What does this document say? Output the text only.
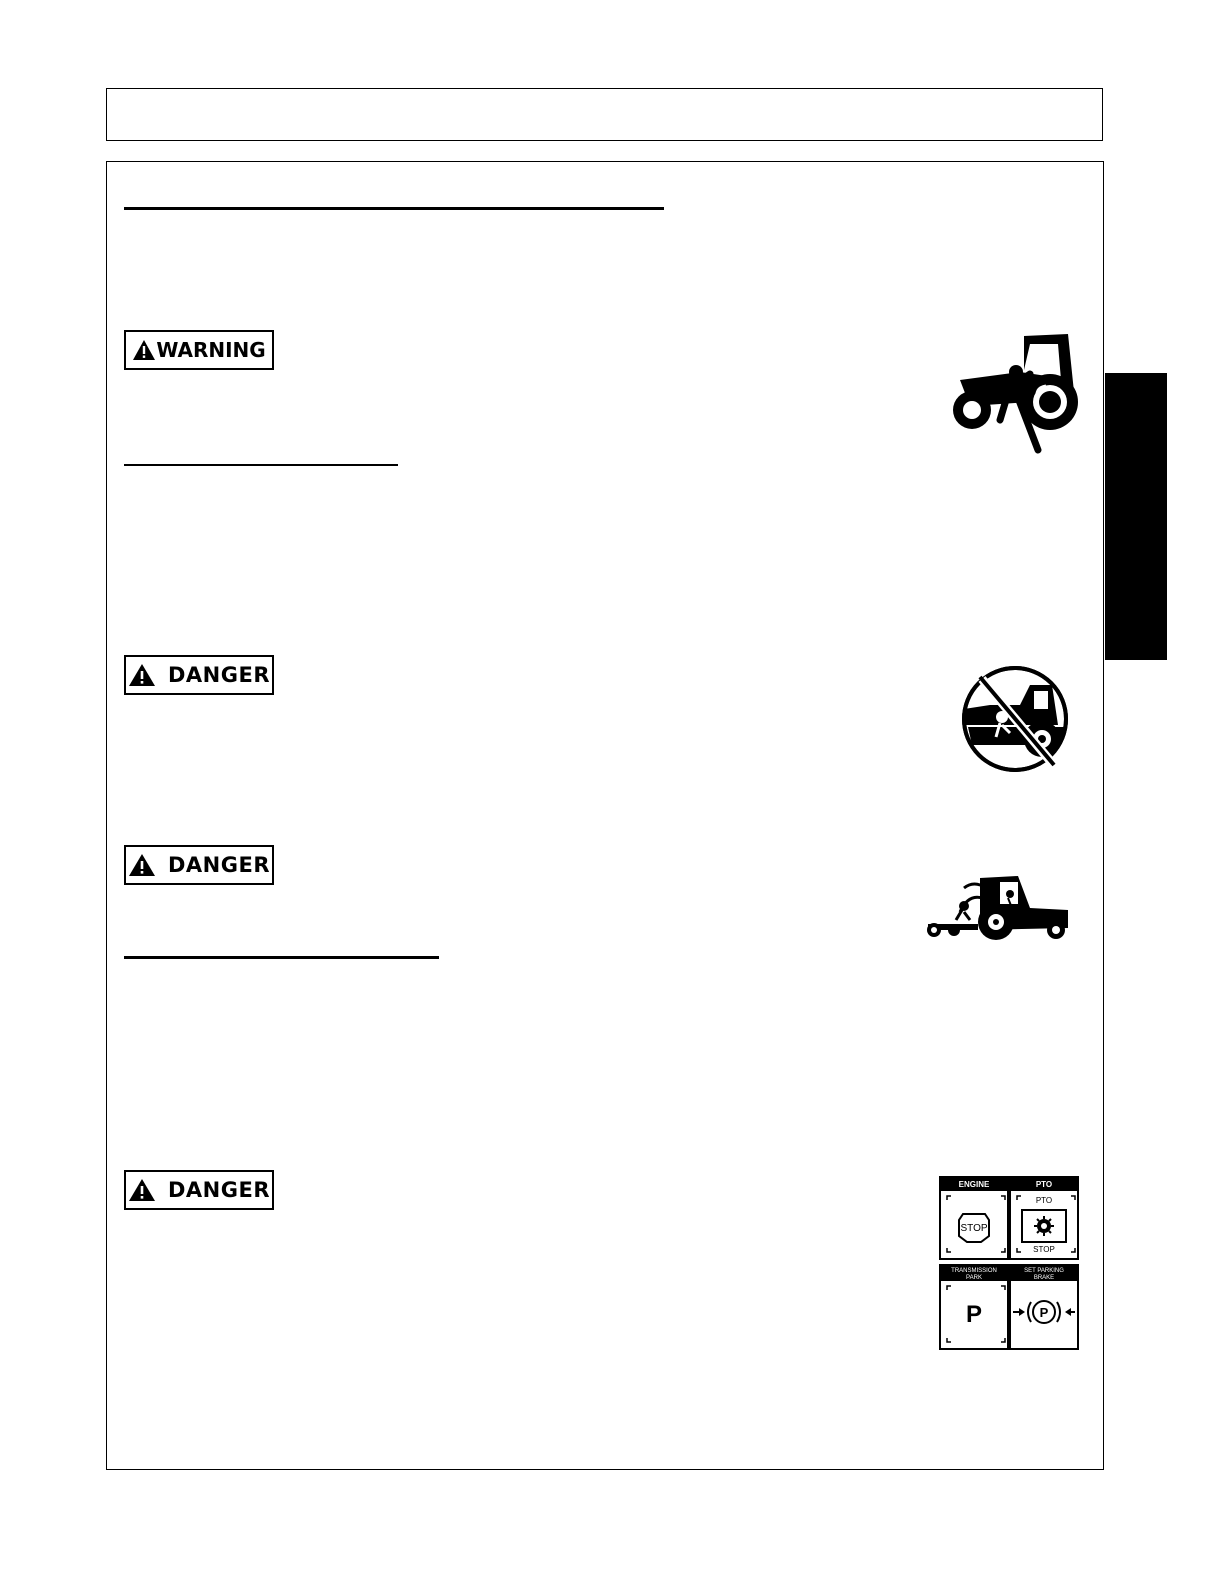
WARNING
DANGER
DANGER
DANGER	ENGINE	PTO
STOP
PTO
STOP
TRANSMISSION
PARK
SET PARKING
BRAKE
P	P
